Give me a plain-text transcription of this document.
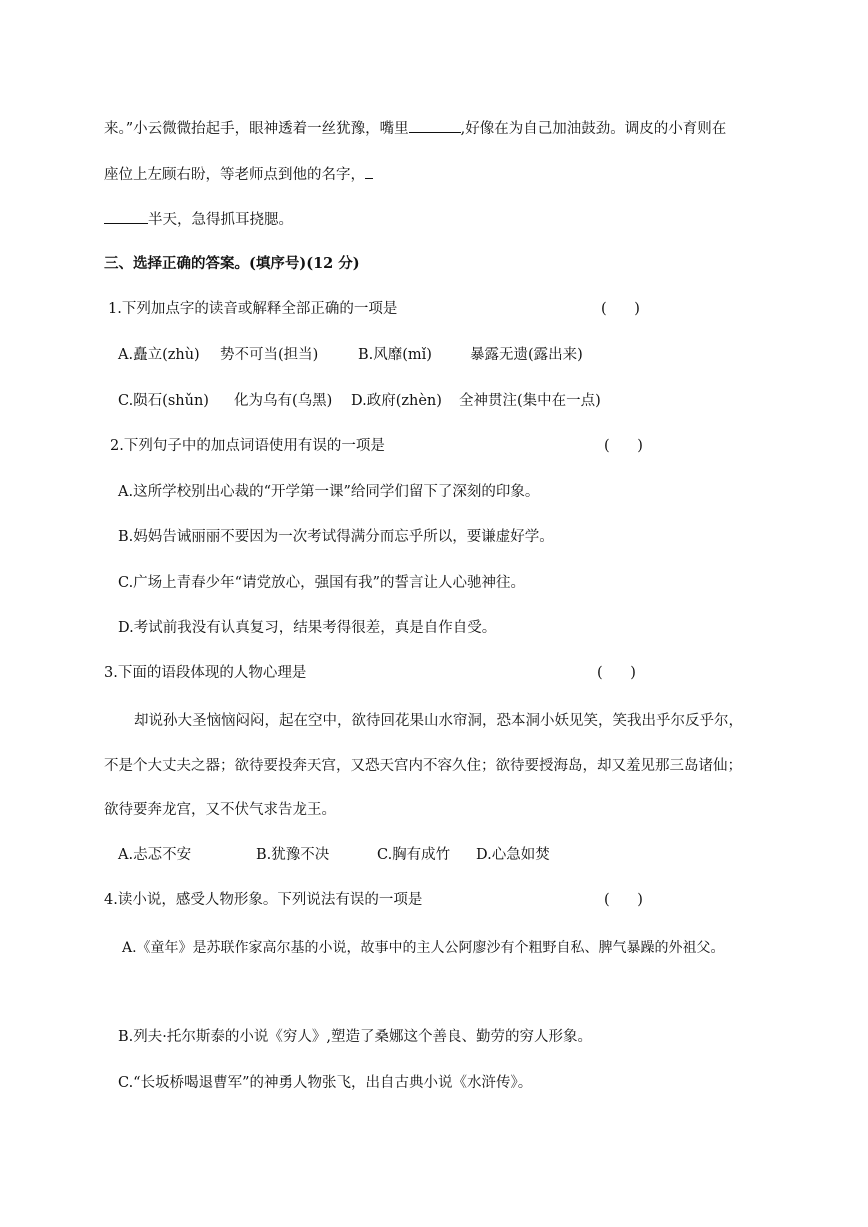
来。”小云微微抬起手，眼神透着一丝犹豫，嘴里	,好像在为自己加油鼓劲。调皮的小育则在
座位上左顾右盼，等老师点到他的名字，
半天，急得抓耳挠腮。
三、选择正确的答案。(填序号)(12 分)
1.下列加点字的读音或解释全部正确的一项是	(      )
A.矗立(zhù) 势不可当(担当)	B.风靡(mǐ)	暴露无遗(露出来)
C.陨石(shǔn) 化为乌有(乌黑) D.政府(zhèn) 全神贯注(集中在一点)
2.下列句子中的加点词语使用有误的一项是	(      )
A.这所学校别出心裁的“开学第一课”给同学们留下了深刻的印象。
B.妈妈告诫丽丽不要因为一次考试得满分而忘乎所以，要谦虚好学。
C.广场上青春少年“请党放心，强国有我”的誓言让人心驰神往。
D.考试前我没有认真复习，结果考得很差，真是自作自受。
3.下面的语段体现的人物心理是	(      )
却说孙大圣恼恼闷闷，起在空中，欲待回花果山水帘洞，恐本洞小妖见笑，笑我出乎尔反乎尔，
不是个大丈夫之器；欲待要投奔天宫，又恐天宫内不容久住；欲待要授海岛，却又羞见那三岛诸仙；
欲待要奔龙宫，又不伏气求告龙王。
A.忐忑不安	B.犹豫不决	C.胸有成竹 D.心急如焚
4.读小说，感受人物形象。下列说法有误的一项是	(      )
A.《童年》是苏联作家高尔基的小说，故事中的主人公阿廖沙有个粗野自私、脾气暴躁的外祖父。
B.列夫·托尔斯泰的小说《穷人》,塑造了桑娜这个善良、勤劳的穷人形象。
C.“长坂桥喝退曹军”的神勇人物张飞，出自古典小说《水浒传》。
